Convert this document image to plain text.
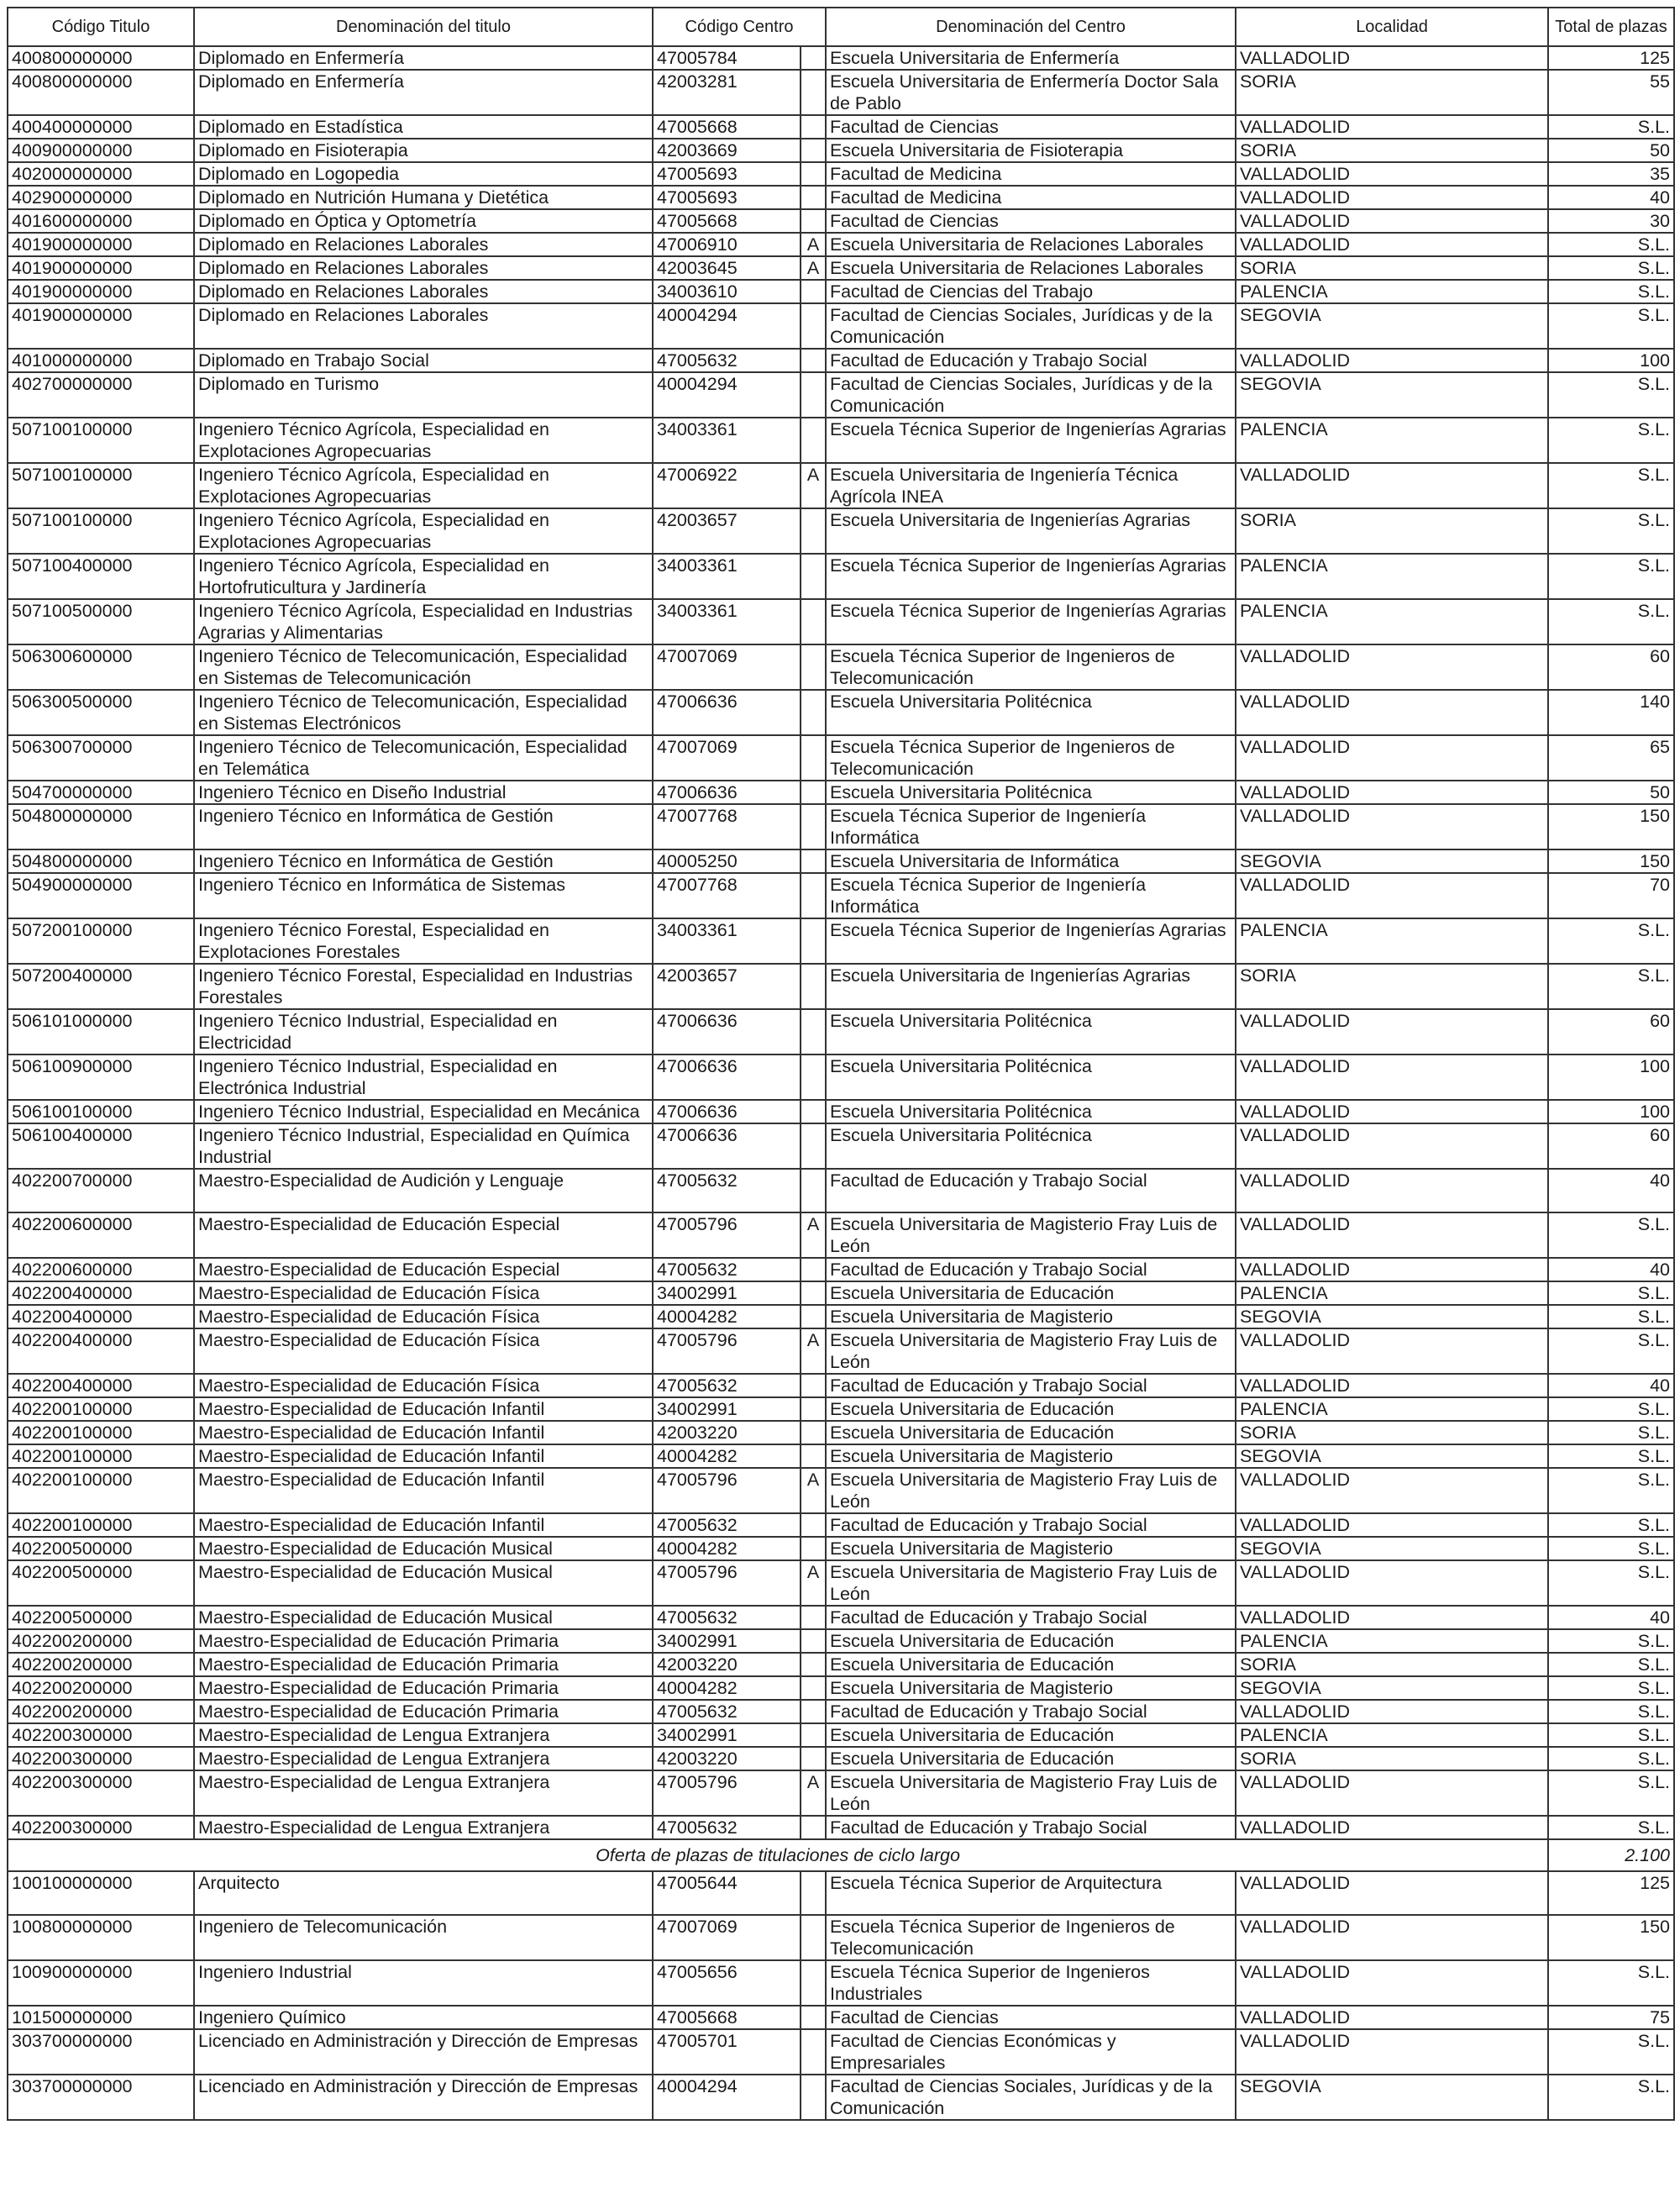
Código Titulo	Denominación del titulo	Código Centro		Denominación del Centro	Localidad	Total de plazas
400800000000	Diplomado en Enfermería	47005784		Escuela Universitaria de Enfermería	VALLADOLID	125
400800000000	Diplomado en Enfermería	42003281		Escuela Universitaria de Enfermería Doctor Sala de Pablo	SORIA	55
400400000000	Diplomado en Estadística	47005668		Facultad de Ciencias	VALLADOLID	S.L.
400900000000	Diplomado en Fisioterapia	42003669		Escuela Universitaria de Fisioterapia	SORIA	50
402000000000	Diplomado en Logopedia	47005693		Facultad de Medicina	VALLADOLID	35
402900000000	Diplomado en Nutrición Humana y Dietética	47005693		Facultad de Medicina	VALLADOLID	40
401600000000	Diplomado en Óptica y Optometría	47005668		Facultad de Ciencias	VALLADOLID	30
401900000000	Diplomado en Relaciones Laborales	47006910	A	Escuela Universitaria de Relaciones Laborales	VALLADOLID	S.L.
401900000000	Diplomado en Relaciones Laborales	42003645	A	Escuela Universitaria de Relaciones Laborales	SORIA	S.L.
401900000000	Diplomado en Relaciones Laborales	34003610		Facultad de Ciencias del Trabajo	PALENCIA	S.L.
401900000000	Diplomado en Relaciones Laborales	40004294		Facultad de Ciencias Sociales, Jurídicas y de la Comunicación	SEGOVIA	S.L.
401000000000	Diplomado en Trabajo Social	47005632		Facultad de Educación y Trabajo Social	VALLADOLID	100
402700000000	Diplomado en Turismo	40004294		Facultad de Ciencias Sociales, Jurídicas y de la Comunicación	SEGOVIA	S.L.
507100100000	Ingeniero Técnico Agrícola, Especialidad en Explotaciones Agropecuarias	34003361		Escuela Técnica Superior de Ingenierías Agrarias	PALENCIA	S.L.
507100100000	Ingeniero Técnico Agrícola, Especialidad en Explotaciones Agropecuarias	47006922	A	Escuela Universitaria de Ingeniería Técnica Agrícola INEA	VALLADOLID	S.L.
507100100000	Ingeniero Técnico Agrícola, Especialidad en Explotaciones Agropecuarias	42003657		Escuela Universitaria de Ingenierías Agrarias	SORIA	S.L.
507100400000	Ingeniero Técnico Agrícola, Especialidad en Hortofruticultura y Jardinería	34003361		Escuela Técnica Superior de Ingenierías Agrarias	PALENCIA	S.L.
507100500000	Ingeniero Técnico Agrícola, Especialidad en Industrias Agrarias y Alimentarias	34003361		Escuela Técnica Superior de Ingenierías Agrarias	PALENCIA	S.L.
506300600000	Ingeniero Técnico de Telecomunicación, Especialidad en Sistemas de Telecomunicación	47007069		Escuela Técnica Superior de Ingenieros de Telecomunicación	VALLADOLID	60
506300500000	Ingeniero Técnico de Telecomunicación, Especialidad en Sistemas Electrónicos	47006636		Escuela Universitaria Politécnica	VALLADOLID	140
506300700000	Ingeniero Técnico de Telecomunicación, Especialidad en Telemática	47007069		Escuela Técnica Superior de Ingenieros de Telecomunicación	VALLADOLID	65
504700000000	Ingeniero Técnico en Diseño Industrial	47006636		Escuela Universitaria Politécnica	VALLADOLID	50
504800000000	Ingeniero Técnico en Informática de Gestión	47007768		Escuela Técnica Superior de Ingeniería Informática	VALLADOLID	150
504800000000	Ingeniero Técnico en Informática de Gestión	40005250		Escuela Universitaria de Informática	SEGOVIA	150
504900000000	Ingeniero Técnico en Informática de Sistemas	47007768		Escuela Técnica Superior de Ingeniería Informática	VALLADOLID	70
507200100000	Ingeniero Técnico Forestal, Especialidad en Explotaciones Forestales	34003361		Escuela Técnica Superior de Ingenierías Agrarias	PALENCIA	S.L.
507200400000	Ingeniero Técnico Forestal, Especialidad en Industrias Forestales	42003657		Escuela Universitaria de Ingenierías Agrarias	SORIA	S.L.
506101000000	Ingeniero Técnico Industrial, Especialidad en Electricidad	47006636		Escuela Universitaria Politécnica	VALLADOLID	60
506100900000	Ingeniero Técnico Industrial, Especialidad en Electrónica Industrial	47006636		Escuela Universitaria Politécnica	VALLADOLID	100
506100100000	Ingeniero Técnico Industrial, Especialidad en Mecánica	47006636		Escuela Universitaria Politécnica	VALLADOLID	100
506100400000	Ingeniero Técnico Industrial, Especialidad en Química Industrial	47006636		Escuela Universitaria Politécnica	VALLADOLID	60
402200700000	Maestro-Especialidad de Audición y Lenguaje	47005632		Facultad de Educación y Trabajo Social	VALLADOLID	40
402200600000	Maestro-Especialidad de Educación Especial	47005796	A	Escuela Universitaria de Magisterio Fray Luis de León	VALLADOLID	S.L.
402200600000	Maestro-Especialidad de Educación Especial	47005632		Facultad de Educación y Trabajo Social	VALLADOLID	40
402200400000	Maestro-Especialidad de Educación Física	34002991		Escuela Universitaria de Educación	PALENCIA	S.L.
402200400000	Maestro-Especialidad de Educación Física	40004282		Escuela Universitaria de Magisterio	SEGOVIA	S.L.
402200400000	Maestro-Especialidad de Educación Física	47005796	A	Escuela Universitaria de Magisterio Fray Luis de León	VALLADOLID	S.L.
402200400000	Maestro-Especialidad de Educación Física	47005632		Facultad de Educación y Trabajo Social	VALLADOLID	40
402200100000	Maestro-Especialidad de Educación Infantil	34002991		Escuela Universitaria de Educación	PALENCIA	S.L.
402200100000	Maestro-Especialidad de Educación Infantil	42003220		Escuela Universitaria de Educación	SORIA	S.L.
402200100000	Maestro-Especialidad de Educación Infantil	40004282		Escuela Universitaria de Magisterio	SEGOVIA	S.L.
402200100000	Maestro-Especialidad de Educación Infantil	47005796	A	Escuela Universitaria de Magisterio Fray Luis de León	VALLADOLID	S.L.
402200100000	Maestro-Especialidad de Educación Infantil	47005632		Facultad de Educación y Trabajo Social	VALLADOLID	S.L.
402200500000	Maestro-Especialidad de Educación Musical	40004282		Escuela Universitaria de Magisterio	SEGOVIA	S.L.
402200500000	Maestro-Especialidad de Educación Musical	47005796	A	Escuela Universitaria de Magisterio Fray Luis de León	VALLADOLID	S.L.
402200500000	Maestro-Especialidad de Educación Musical	47005632		Facultad de Educación y Trabajo Social	VALLADOLID	40
402200200000	Maestro-Especialidad de Educación Primaria	34002991		Escuela Universitaria de Educación	PALENCIA	S.L.
402200200000	Maestro-Especialidad de Educación Primaria	42003220		Escuela Universitaria de Educación	SORIA	S.L.
402200200000	Maestro-Especialidad de Educación Primaria	40004282		Escuela Universitaria de Magisterio	SEGOVIA	S.L.
402200200000	Maestro-Especialidad de Educación Primaria	47005632		Facultad de Educación y Trabajo Social	VALLADOLID	S.L.
402200300000	Maestro-Especialidad de Lengua Extranjera	34002991		Escuela Universitaria de Educación	PALENCIA	S.L.
402200300000	Maestro-Especialidad de Lengua Extranjera	42003220		Escuela Universitaria de Educación	SORIA	S.L.
402200300000	Maestro-Especialidad de Lengua Extranjera	47005796	A	Escuela Universitaria de Magisterio Fray Luis de León	VALLADOLID	S.L.
402200300000	Maestro-Especialidad de Lengua Extranjera	47005632		Facultad de Educación y Trabajo Social	VALLADOLID	S.L.
Oferta de plazas de titulaciones de ciclo largo						2.100
100100000000	Arquitecto	47005644		Escuela Técnica Superior de Arquitectura	VALLADOLID	125
100800000000	Ingeniero de Telecomunicación	47007069		Escuela Técnica Superior de Ingenieros de Telecomunicación	VALLADOLID	150
100900000000	Ingeniero Industrial	47005656		Escuela Técnica Superior de Ingenieros Industriales	VALLADOLID	S.L.
101500000000	Ingeniero Químico	47005668		Facultad de Ciencias	VALLADOLID	75
303700000000	Licenciado en Administración y Dirección de Empresas	47005701		Facultad de Ciencias Económicas y Empresariales	VALLADOLID	S.L.
303700000000	Licenciado en Administración y Dirección de Empresas	40004294		Facultad de Ciencias Sociales, Jurídicas y de la Comunicación	SEGOVIA	S.L.
